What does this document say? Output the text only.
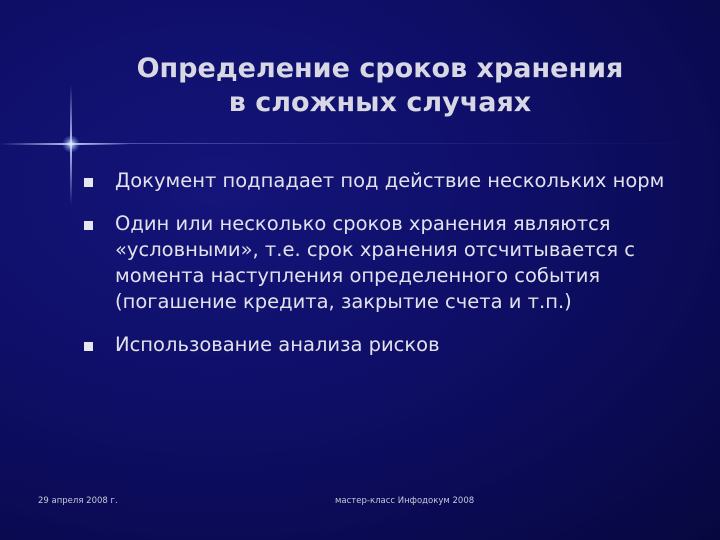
Определение сроков хранения
в сложных случаях
Документ подпадает под действие нескольких норм
Один или несколько сроков хранения являются
«условными», т.е. срок хранения отсчитывается с
момента наступления определенного события
(погашение кредита, закрытие счета и т.п.)
Использование анализа рисков
29 апреля 2008 г.	мастер-класс Инфодокум 2008
